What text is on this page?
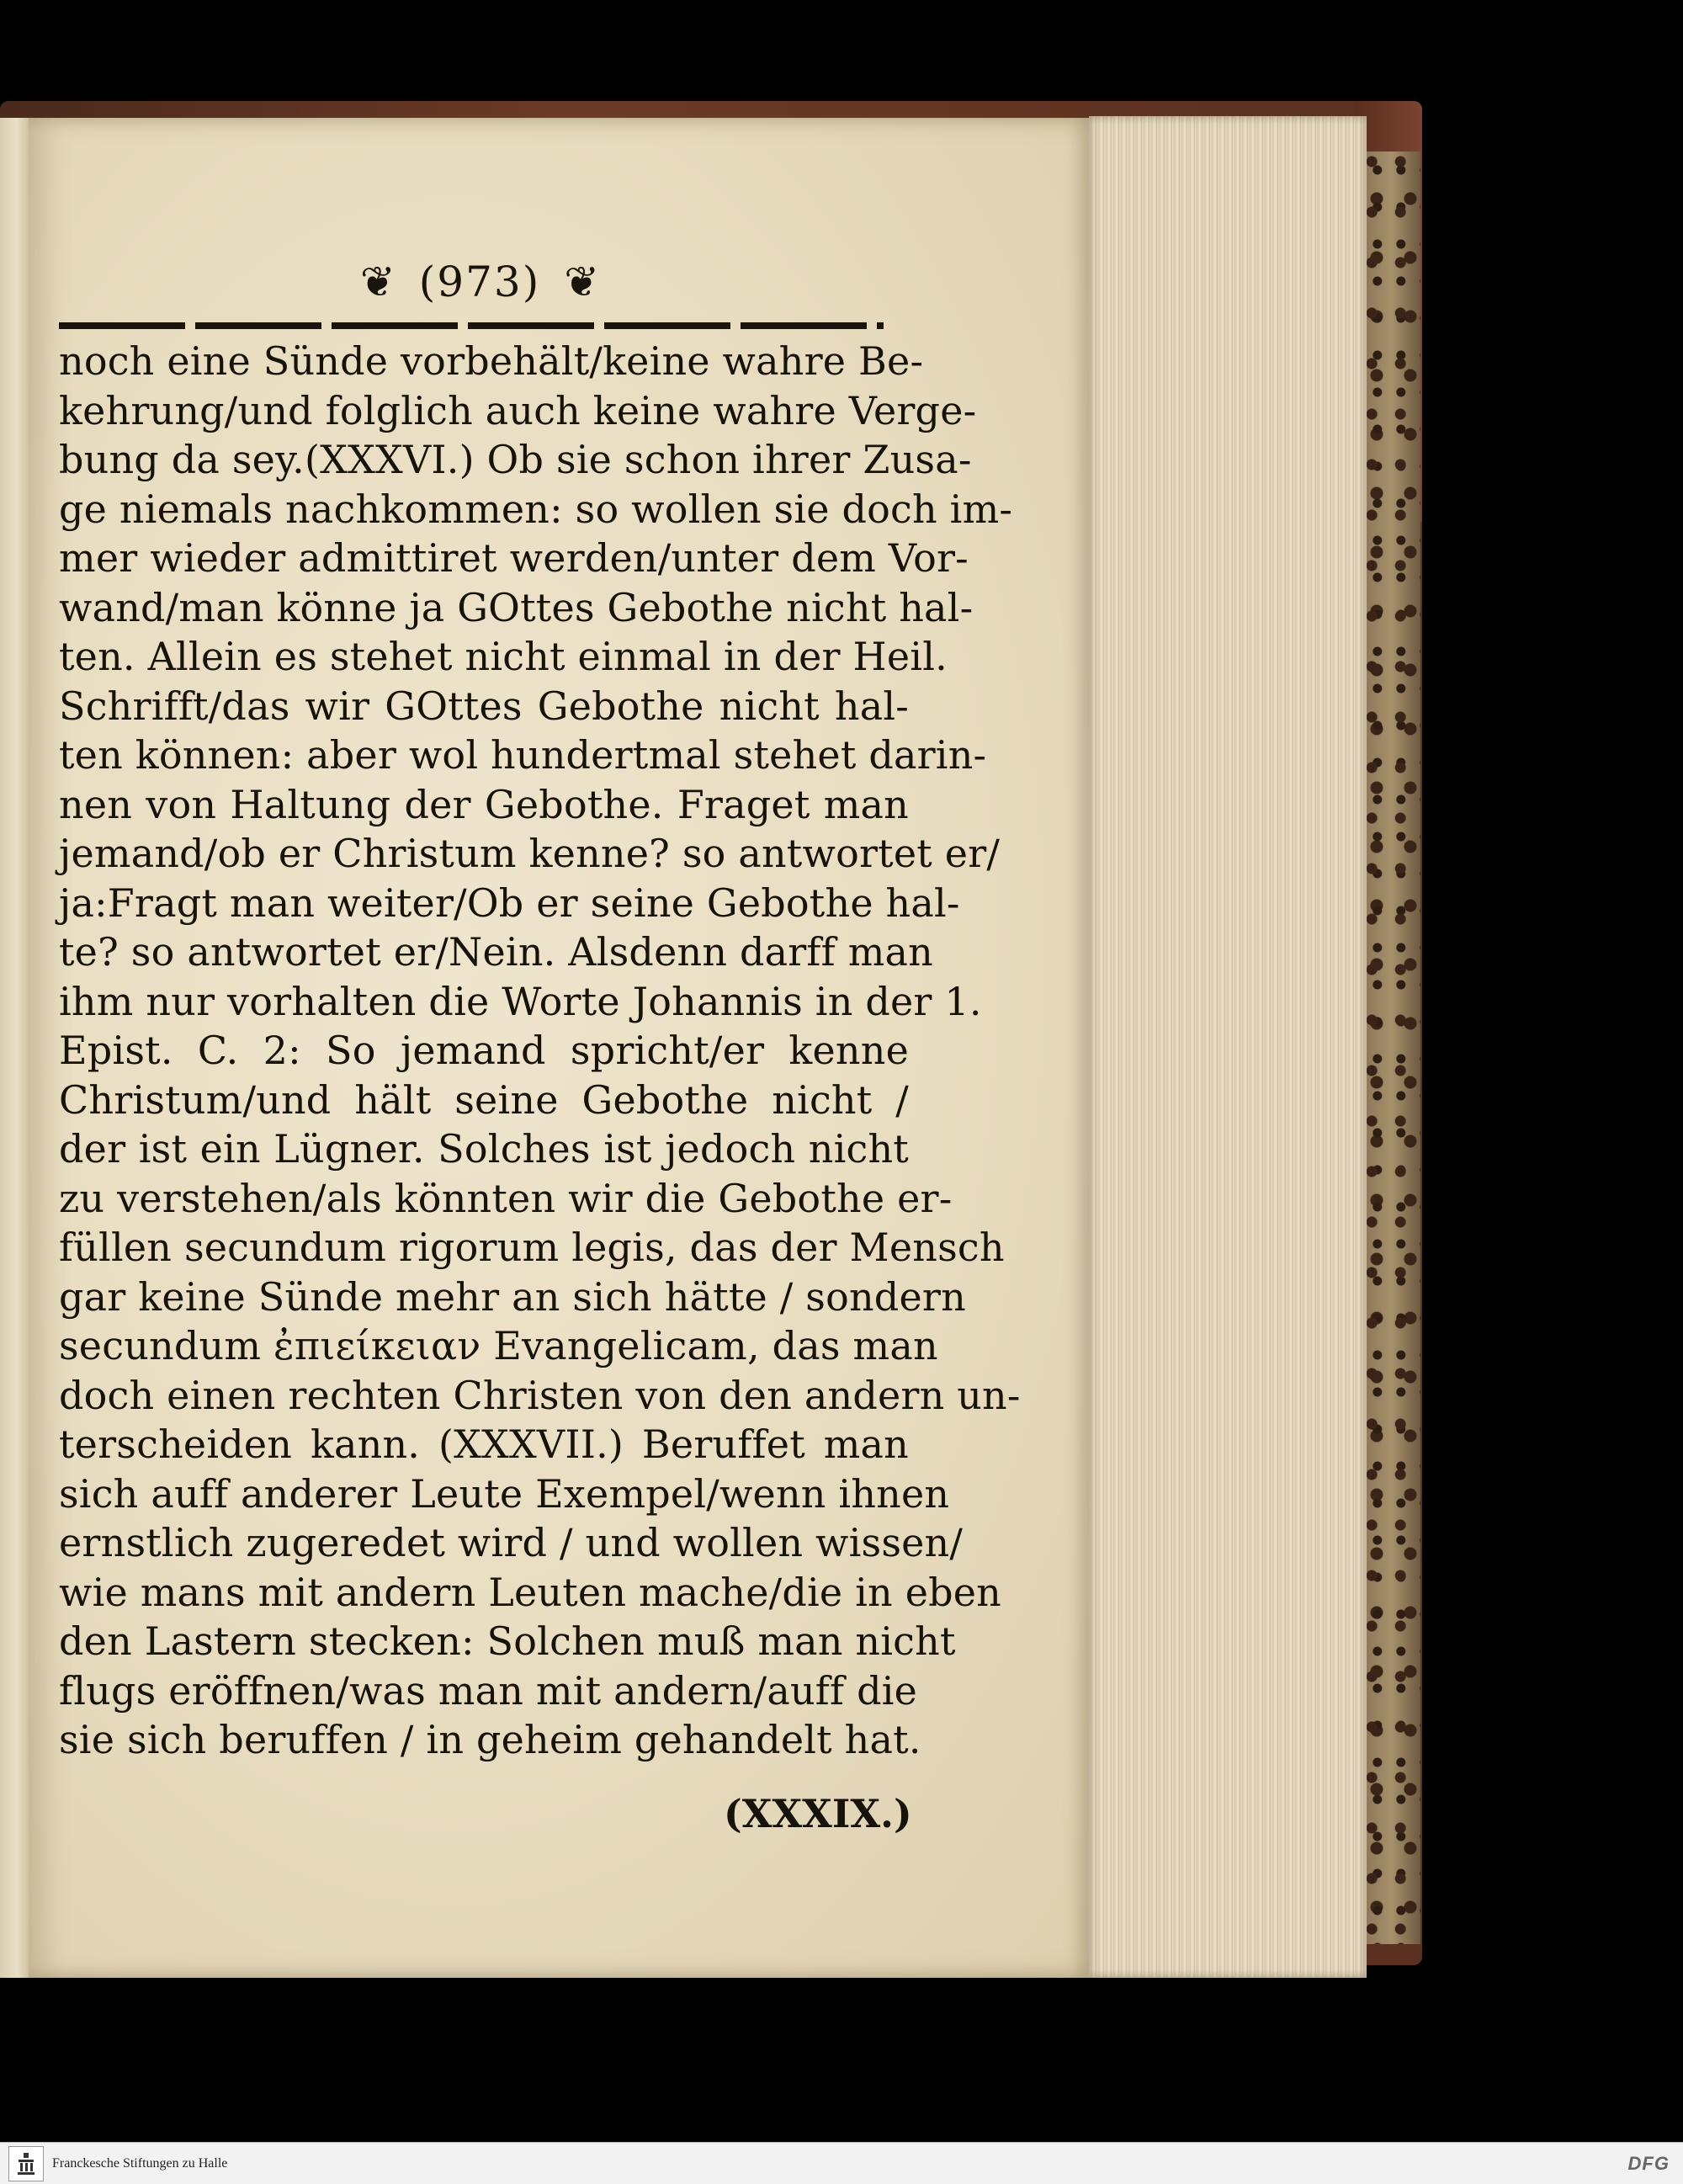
❦ (973) ❦
noch eine Sünde vorbehält/keine wahre Be-
kehrung/und folglich auch keine wahre Verge-
bung da sey.(XXXVI.) Ob sie schon ihrer Zusa-
ge niemals nachkommen: so wollen sie doch im-
mer wieder admittiret werden/unter dem Vor-
wand/man könne ja GOttes Gebothe nicht hal-
ten. Allein es stehet nicht einmal in der Heil.
Schrifft/das wir GOttes Gebothe nicht hal-
ten können: aber wol hundertmal stehet darin-
nen von Haltung der Gebothe. Fraget man
jemand/ob er Christum kenne? so antwortet er/
ja:Fragt man weiter/Ob er seine Gebothe hal-
te? so antwortet er/Nein. Alsdenn darff man
ihm nur vorhalten die Worte Johannis in der 1.
Epist. C. 2: So jemand spricht/er kenne
Christum/und hält seine Gebothe nicht /
der ist ein Lügner. Solches ist jedoch nicht
zu verstehen/als könnten wir die Gebothe er-
füllen secundum rigorum legis, das der Mensch
gar keine Sünde mehr an sich hätte / sondern
secundum ἐπιείκειαν Evangelicam, das man
doch einen rechten Christen von den andern un-
terscheiden kann. (XXXVII.) Beruffet man
sich auff anderer Leute Exempel/wenn ihnen
ernstlich zugeredet wird / und wollen wissen/
wie mans mit andern Leuten mache/die in eben
den Lastern stecken: Solchen muß man nicht
flugs eröffnen/was man mit andern/auff die
sie sich beruffen / in geheim gehandelt hat.
(XXXIX.)
Franckesche Stiftungen zu Halle	DFG
